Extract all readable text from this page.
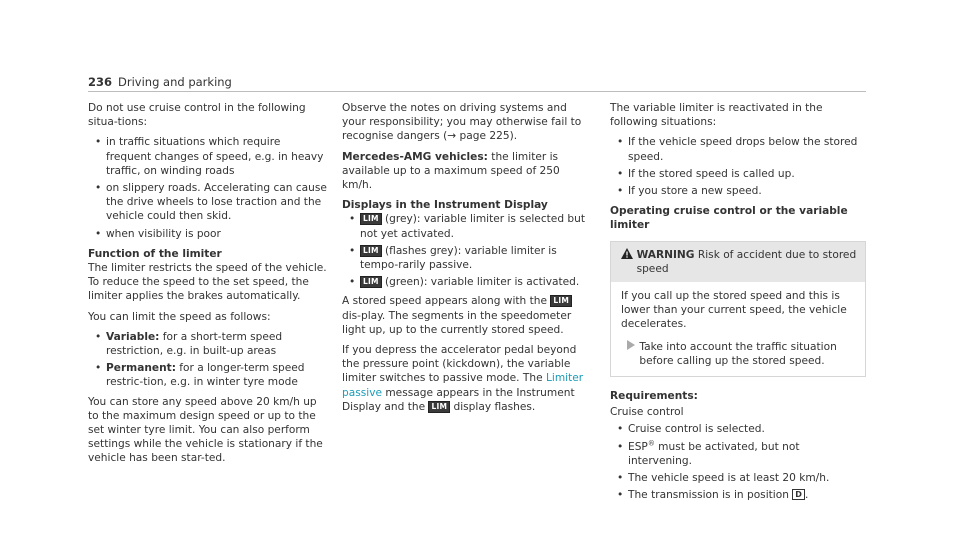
236 Driving and parking

Do not use cruise control in the following situa-tions:

• in traffic situations which require frequent changes of speed, e.g. in heavy traffic, on winding roads
• on slippery roads. Accelerating can cause the drive wheels to lose traction and the vehicle could then skid.
• when visibility is poor
Function of the limiter

The limiter restricts the speed of the vehicle. To reduce the speed to the set speed, the limiter applies the brakes automatically.

You can limit the speed as follows:

• Variable: for a short-term speed restriction, e.g. in built-up areas
• Permanent: for a longer-term speed restric-tion, e.g. in winter tyre mode

You can store any speed above 20 km/h up to the maximum design speed or up to the set winter tyre limit. You can also perform settings while the vehicle is stationary if the vehicle has been star-ted.

Observe the notes on driving systems and your responsibility; you may otherwise fail to recognise dangers (→ page 225).

Mercedes-AMG vehicles: the limiter is available up to a maximum speed of 250 km/h.

Displays in the Instrument Display
• LIM (grey): variable limiter is selected but not yet activated.
• LIM (flashes grey): variable limiter is tempo-rarily passive.
• LIM (green): variable limiter is activated.

A stored speed appears along with the LIM dis-play. The segments in the speedometer light up, up to the currently stored speed.

If you depress the accelerator pedal beyond the pressure point (kickdown), the variable limiter switches to passive mode. The Limiter passive message appears in the Instrument Display and the LIM display flashes.

The variable limiter is reactivated in the following situations:

• If the vehicle speed drops below the stored speed.
• If the stored speed is called up.
• If you store a new speed.
Operating cruise control or the variable limiter
WARNING Risk of accident due to stored speed
If you call up the stored speed and this is lower than your current speed, the vehicle decelerates.
Take into account the traffic situation before calling up the stored speed.
Requirements:

Cruise control

• Cruise control is selected.
• ESP® must be activated, but not intervening.
• The vehicle speed is at least 20 km/h.
• The transmission is in position D .
